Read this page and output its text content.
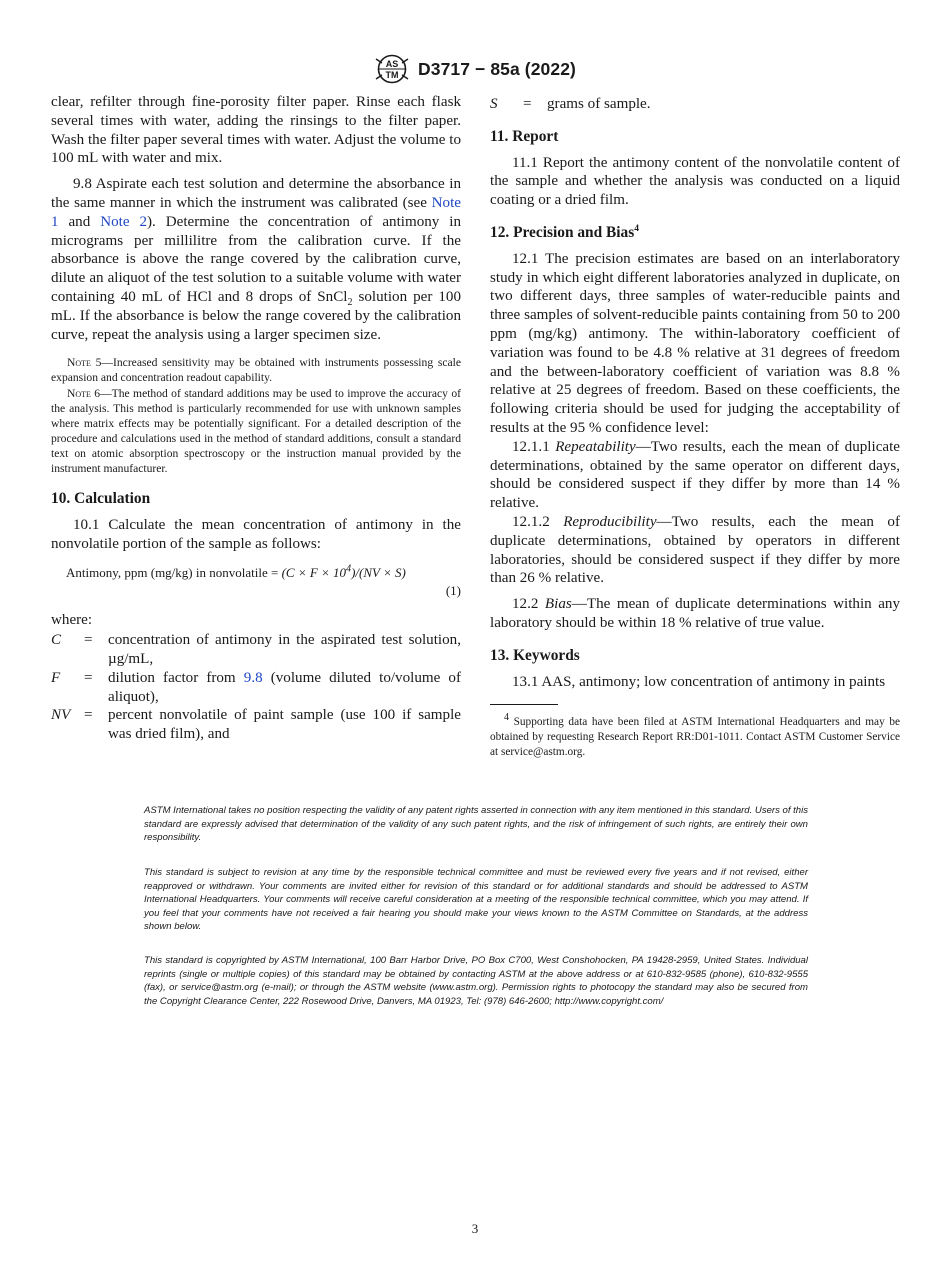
AS
TM D3717 − 85a (2022)

clear, refilter through fine-porosity filter paper. Rinse each flask several times with water, adding the rinsings to the filter paper. Wash the filter paper several times with water. Adjust the volume to 100 mL with water and mix.

9.8 Aspirate each test solution and determine the absorbance in the same manner in which the instrument was calibrated (see Note 1 and Note 2). Determine the concentration of antimony in micrograms per millilitre from the calibration curve. If the absorbance is above the range covered by the calibration curve, dilute an aliquot of the test solution to a suitable volume with water containing 40 mL of HCl and 8 drops of SnCl$_2$ solution per 100 mL. If the absorbance is below the range covered by the calibration curve, repeat the analysis using a larger specimen size.

Note 5—Increased sensitivity may be obtained with instruments possessing scale expansion and concentration readout capability.

Note 6—The method of standard additions may be used to improve the accuracy of the analysis. This method is particularly recommended for use with unknown samples where matrix effects may be potentially significant. For a detailed description of the procedure and calculations used in the method of standard additions, consult a standard text on atomic absorption spectroscopy or the instruction manual provided by the instrument manufacturer.

10. Calculation

10.1 Calculate the mean concentration of antimony in the nonvolatile portion of the sample as follows:

Antimony, ppm (mg/kg) in nonvolatile = $(C \times F \times 10^4)/(NV \times S)$
(1)

where:

C	=	concentration of antimony in the aspirated test solution, µg/mL,
F	=	dilution factor from 9.8 (volume diluted to/volume of aliquot),
NV	=	percent nonvolatile of paint sample (use 100 if sample was dried film), and
S	=	grams of sample.
11. Report

11.1 Report the antimony content of the nonvolatile content of the sample and whether the analysis was conducted on a liquid coating or a dried film.

12. Precision and Bias$^4$

12.1 The precision estimates are based on an interlaboratory study in which eight different laboratories analyzed in duplicate, on two different days, three samples of water-reducible paints and three samples of solvent-reducible paints containing from 50 to 200 ppm (mg/kg) antimony. The within-laboratory coefficient of variation was found to be 4.8 % relative at 31 degrees of freedom and the between-laboratory coefficient of variation was 8.8 % relative at 25 degrees of freedom. Based on these coefficients, the following criteria should be used for judging the acceptability of results at the 95 % confidence level:

12.1.1 Repeatability—Two results, each the mean of duplicate determinations, obtained by the same operator on different days, should be considered suspect if they differ by more than 14 % relative.

12.1.2 Reproducibility—Two results, each the mean of duplicate determinations, obtained by operators in different laboratories, should be considered suspect if they differ by more than 26 % relative.

12.2 Bias—The mean of duplicate determinations within any laboratory should be within 18 % relative of true value.

13. Keywords

13.1 AAS, antimony; low concentration of antimony in paints

$^4$ Supporting data have been filed at ASTM International Headquarters and may be obtained by requesting Research Report RR:D01-1011. Contact ASTM Customer Service at service@astm.org.

ASTM International takes no position respecting the validity of any patent rights asserted in connection with any item mentioned in this standard. Users of this standard are expressly advised that determination of the validity of any such patent rights, and the risk of infringement of such rights, are entirely their own responsibility.

This standard is subject to revision at any time by the responsible technical committee and must be reviewed every five years and if not revised, either reapproved or withdrawn. Your comments are invited either for revision of this standard or for additional standards and should be addressed to ASTM International Headquarters. Your comments will receive careful consideration at a meeting of the responsible technical committee, which you may attend. If you feel that your comments have not received a fair hearing you should make your views known to the ASTM Committee on Standards, at the address shown below.

This standard is copyrighted by ASTM International, 100 Barr Harbor Drive, PO Box C700, West Conshohocken, PA 19428-2959, United States. Individual reprints (single or multiple copies) of this standard may be obtained by contacting ASTM at the above address or at 610-832-9585 (phone), 610-832-9555 (fax), or service@astm.org (e-mail); or through the ASTM website (www.astm.org). Permission rights to photocopy the standard may also be secured from the Copyright Clearance Center, 222 Rosewood Drive, Danvers, MA 01923, Tel: (978) 646-2600; http://www.copyright.com/

3
